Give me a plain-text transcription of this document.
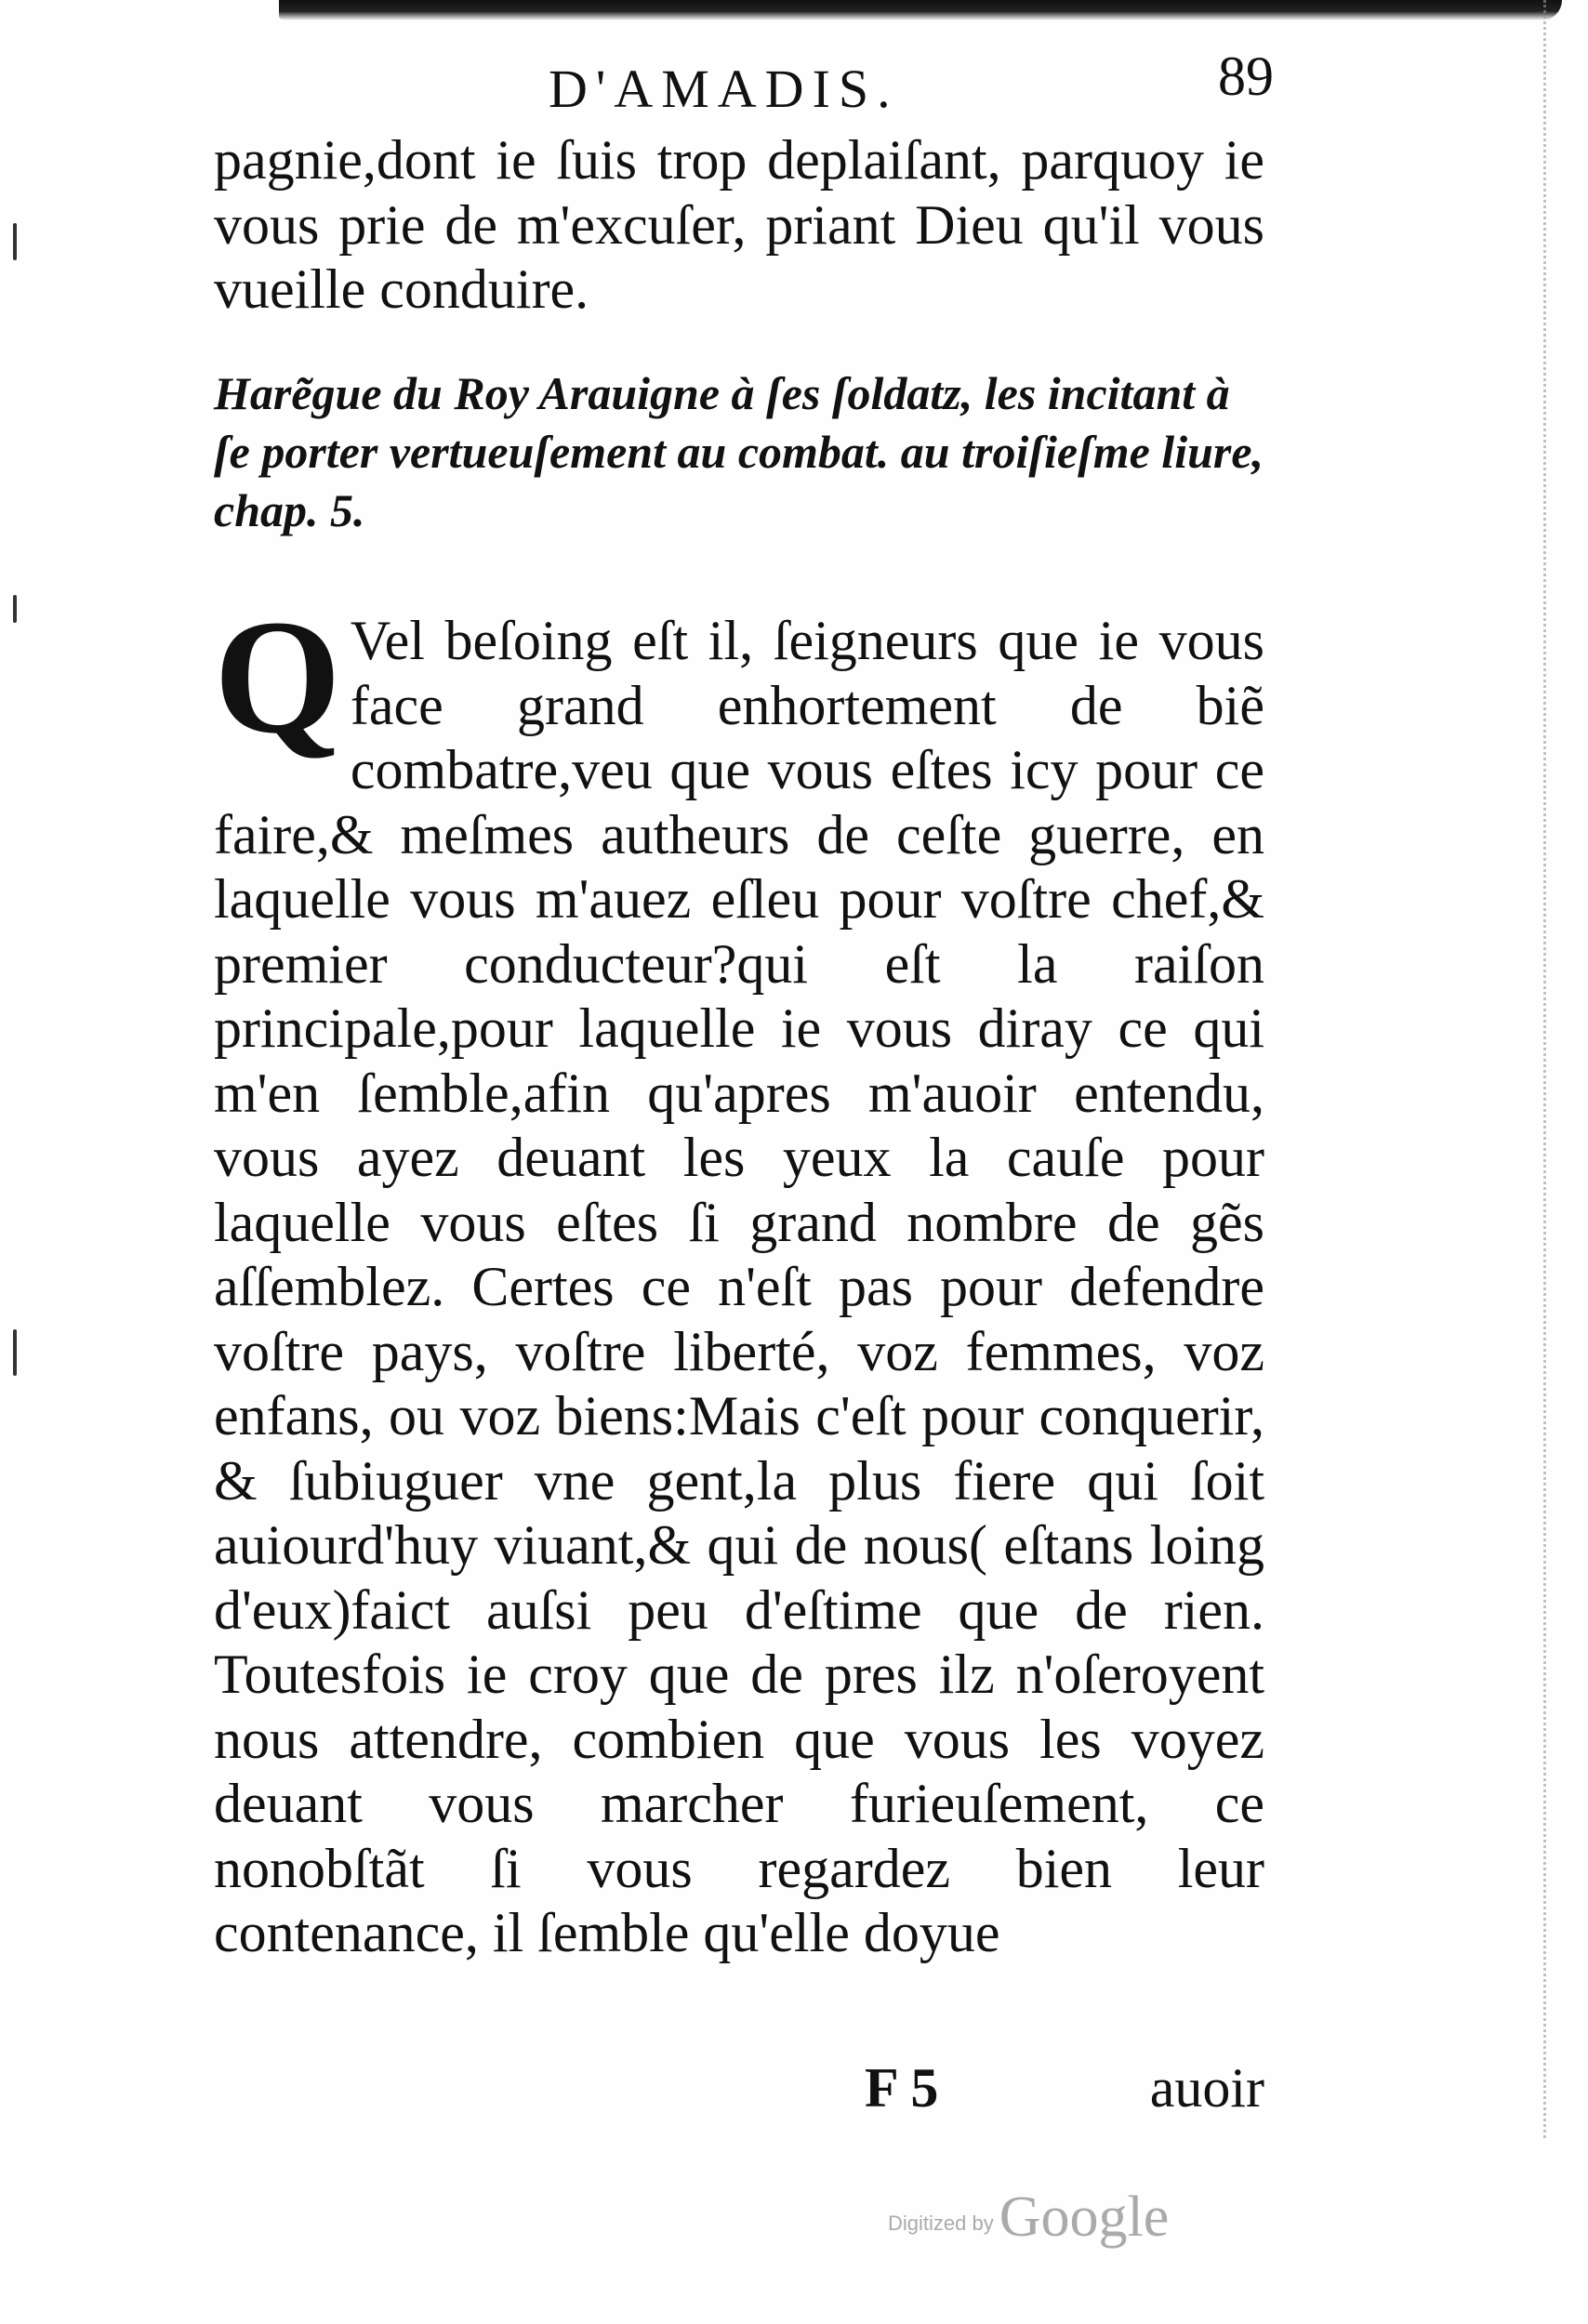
D'AMADIS.	89

pagnie,dont ie ſuis trop deplaiſant, parquoy ie vous prie de m'excuſer, priant Dieu qu'il vous vueille conduire.

Harẽgue du Roy Arauigne à ſes ſoldatz, les incitant à ſe porter vertueuſement au combat. au troiſieſme liure, chap. 5.

Q Vel beſoing eſt il, ſeigneurs que ie vous face grand enhortement de biẽ combatre,veu que vous eſtes icy pour ce faire,& meſmes autheurs de ceſte guerre, en laquelle vous m'auez eſleu pour voſtre chef,& premier conducteur?qui eſt la raiſon principale,pour laquelle ie vous diray ce qui m'en ſemble,afin qu'apres m'auoir entendu, vous ayez deuant les yeux la cauſe pour laquelle vous eſtes ſi grand nombre de gẽs aſſemblez. Certes ce n'eſt pas pour defendre voſtre pays, voſtre liberté, voz femmes, voz enfans, ou voz biens:Mais c'eſt pour conquerir, & ſubiuguer vne gent,la plus fiere qui ſoit auiourd'huy viuant,& qui de nous( eſtans loing d'eux)faict auſsi peu d'eſtime que de rien. Toutesfois ie croy que de pres ilz n'oſeroyent nous attendre, combien que vous les voyez deuant vous marcher furieuſement, ce nonobſtãt ſi vous regardez bien leur contenance, il ſemble qu'elle doyue

F 5	auoir
Digitized byGoogle
